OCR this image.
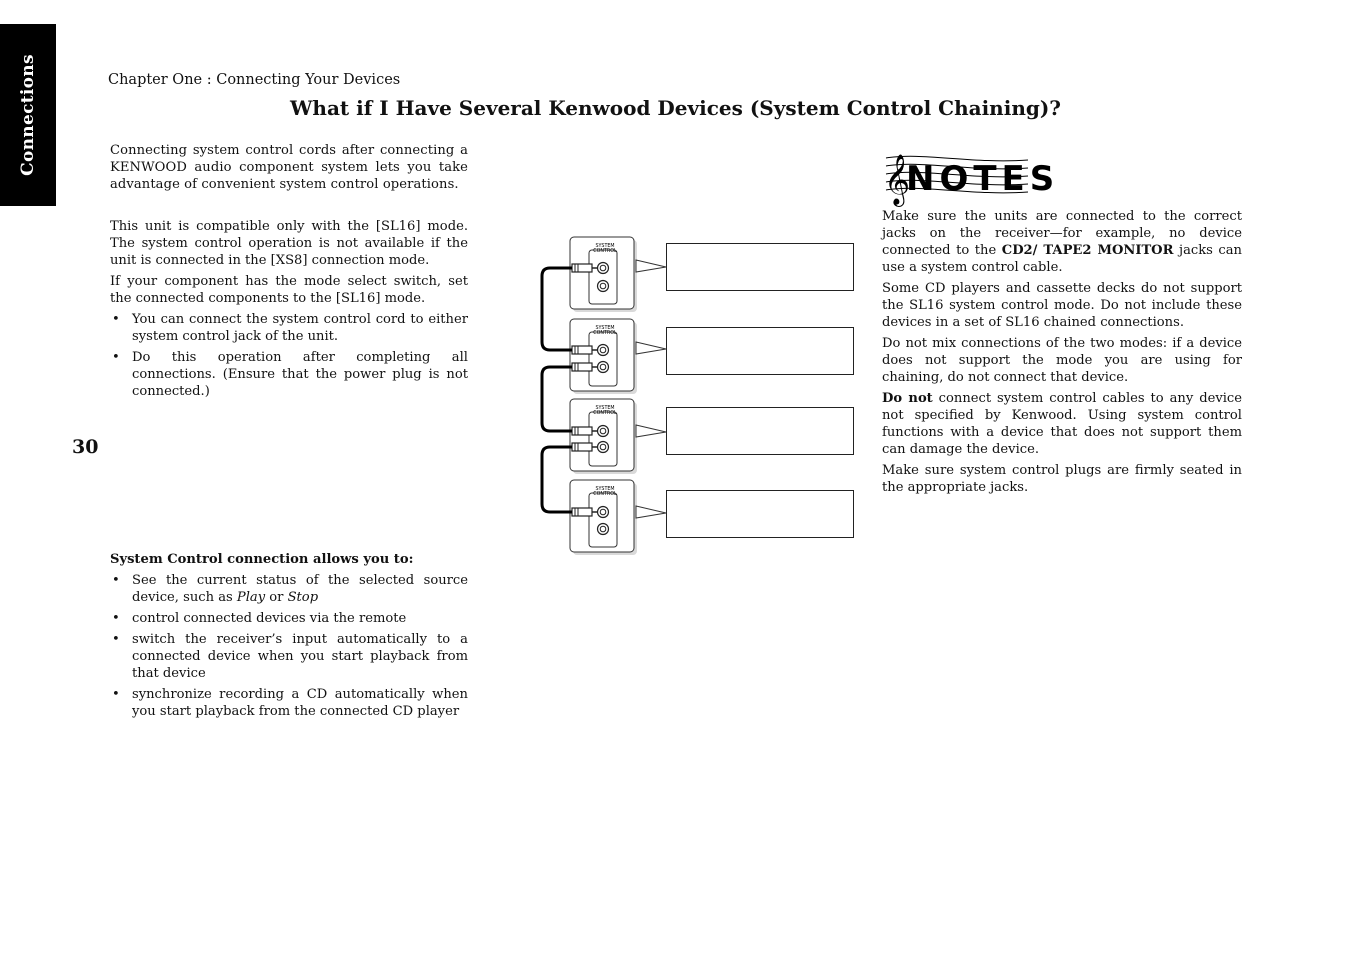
Connections	Chapter One : Connecting Your Devices
What if I Have Several Kenwood Devices (System Control Chaining)?
30

Connecting system control cords after connecting a KENWOOD audio component system lets you take advantage of convenient system control operations.

This unit is compatible only with the [SL16] mode. The system control operation is not available if the unit is connected in the [XS8] connection mode.

If your component has the mode select switch, set the connected components to the [SL16] mode.

• You can connect the system control cord to either system control jack of the unit.
• Do this operation after completing all connections. (Ensure that the power plug is not connected.)

System Control connection allows you to:

• See the current status of the selected source device, such as Play or Stop
• control connected devices via the remote
• switch the receiver’s input automatically to a connected device when you start playback from that device
• synchronize recording a CD automatically when you start playback from the connected CD player
SYSTEM
CONTROL
SYSTEM
CONTROL
SYSTEM
CONTROL
SYSTEM
CONTROL
𝄞
NOTES

Make sure the units are connected to the correct jacks on the receiver—for example, no device connected to the CD2/ TAPE2 MONITOR jacks can use a system control cable.

Some CD players and cassette decks do not support the SL16 system control mode. Do not include these devices in a set of SL16 chained connections.

Do not mix connections of the two modes: if a device does not support the mode you are using for chaining, do not connect that device.

Do not connect system control cables to any device not specified by Kenwood. Using system control functions with a device that does not support them can damage the device.

Make sure system control plugs are firmly seated in the appropriate jacks.
